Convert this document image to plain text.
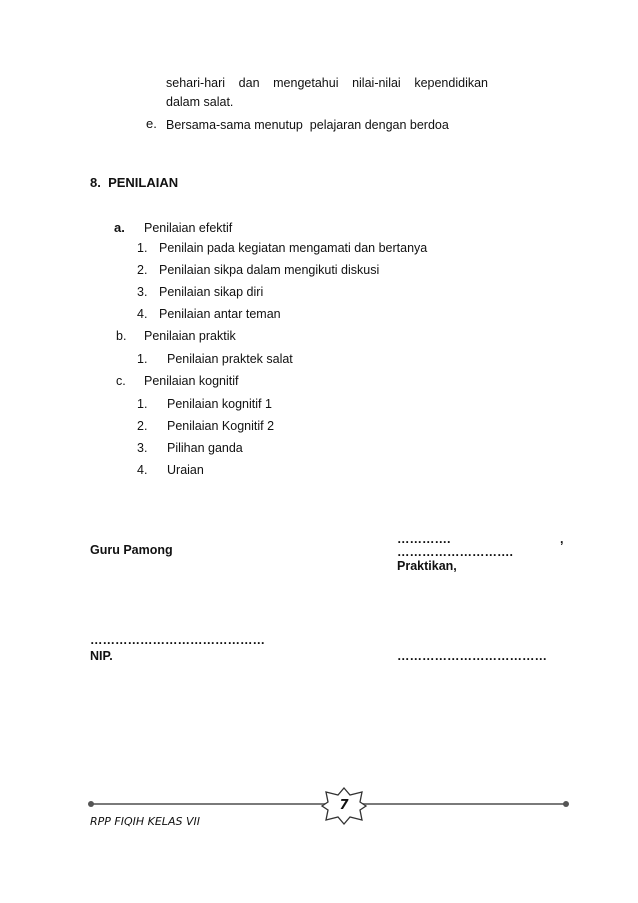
sehari-hari dan mengetahui nilai-nilai kependidikan
dalam salat.
e. Bersama-sama menutup  pelajaran dengan berdoa
8.  PENILAIAN
a. Penilaian efektif
1. Penilain pada kegiatan mengamati dan bertanya
2. Penilaian sikpa dalam mengikuti diskusi
3. Penilaian sikap diri
4. Penilaian antar teman
b. Penilaian praktik
1. Penilaian praktek salat
c. Penilaian kognitif
1. Penilaian kognitif 1
2. Penilaian Kognitif 2
3. Pilihan ganda
4. Uraian
………….	,
……………………….
Guru Pamong
Praktikan,
……………………………………
NIP.	………………………………
7
RPP FIQIH KELAS VII
